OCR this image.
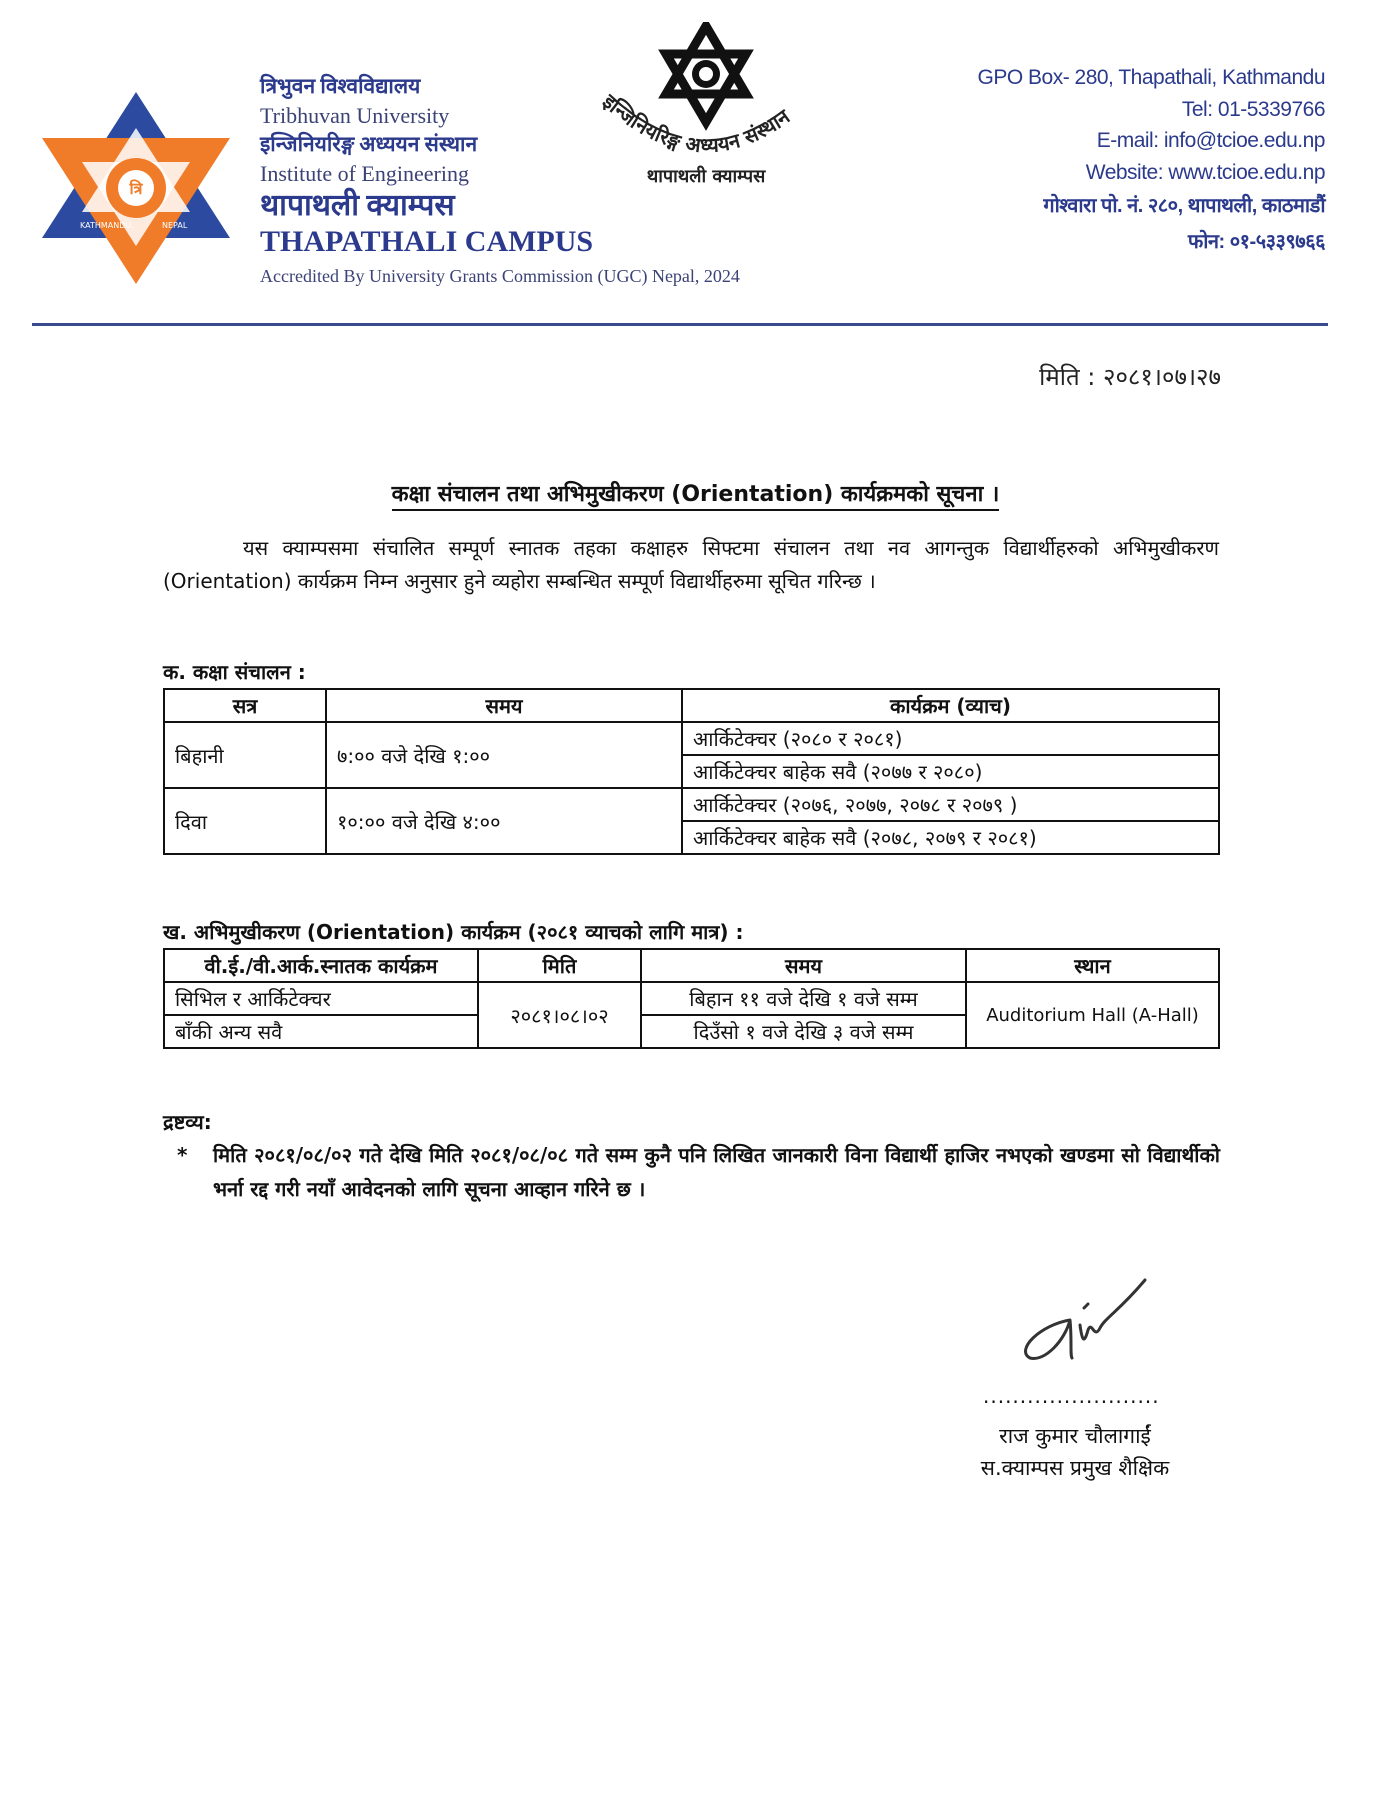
त्रि
KATHMANDU.	NEPAL
त्रिभुवन विश्वविद्यालय
Tribhuvan University
इन्जिनियरिङ्ग अध्ययन संस्थान
Institute of Engineering
थापाथली क्याम्पस
THAPATHALI CAMPUS
Accredited By University Grants Commission (UGC) Nepal, 2024
इन्जिनियरिङ्ग अध्ययन संस्थान
थापाथली क्याम्पस
GPO Box- 280, Thapathali, Kathmandu
Tel: 01-5339766
E-mail: info@tcioe.edu.np
Website: www.tcioe.edu.np
गोश्वारा पो. नं. २८०, थापाथली, काठमाडौं
फोन: ०१-५३३९७६६
मिति : २०८१।०७।२७
कक्षा संचालन तथा अभिमुखीकरण (Orientation) कार्यक्रमको सूचना ।
यस क्याम्पसमा संचालित सम्पूर्ण स्नातक तहका कक्षाहरु सिफ्टमा संचालन तथा नव आगन्तुक विद्यार्थीहरुको अभिमुखीकरण (Orientation) कार्यक्रम निम्न अनुसार हुने व्यहोरा सम्बन्धित सम्पूर्ण विद्यार्थीहरुमा सूचित गरिन्छ ।
क. कक्षा संचालन :
सत्र	समय	कार्यक्रम (व्याच)
बिहानी	७:०० वजे देखि १:००	आर्किटेक्चर (२०८० र २०८१)
		आर्किटेक्चर बाहेक सवै (२०७७ र २०८०)
दिवा	१०:०० वजे देखि ४:००	आर्किटेक्चर (२०७६, २०७७, २०७८ र २०७९ )
		आर्किटेक्चर बाहेक सवै (२०७८, २०७९ र २०८१)
ख. अभिमुखीकरण (Orientation) कार्यक्रम (२०८१ व्याचको लागि मात्र) :
वी.ई./वी.आर्क.स्नातक कार्यक्रम	मिति	समय	स्थान
सिभिल र आर्किटेक्चर	२०८१।०८।०२	बिहान ११ वजे देखि १ वजे सम्म	Auditorium Hall (A-Hall)
बाँकी अन्य सवै		दिउँसो १ वजे देखि ३ वजे सम्म	
द्रष्टव्य:
* मिति २०८१/०८/०२ गते देखि मिति २०८१/०८/०८ गते सम्म कुनै पनि लिखित जानकारी विना विद्यार्थी हाजिर नभएको खण्डमा सो विद्यार्थीको भर्ना रद्द गरी नयाँ आवेदनको लागि सूचना आव्हान गरिने छ ।
........................
राज कुमार चौलागाईं
स.क्याम्पस प्रमुख शैक्षिक
